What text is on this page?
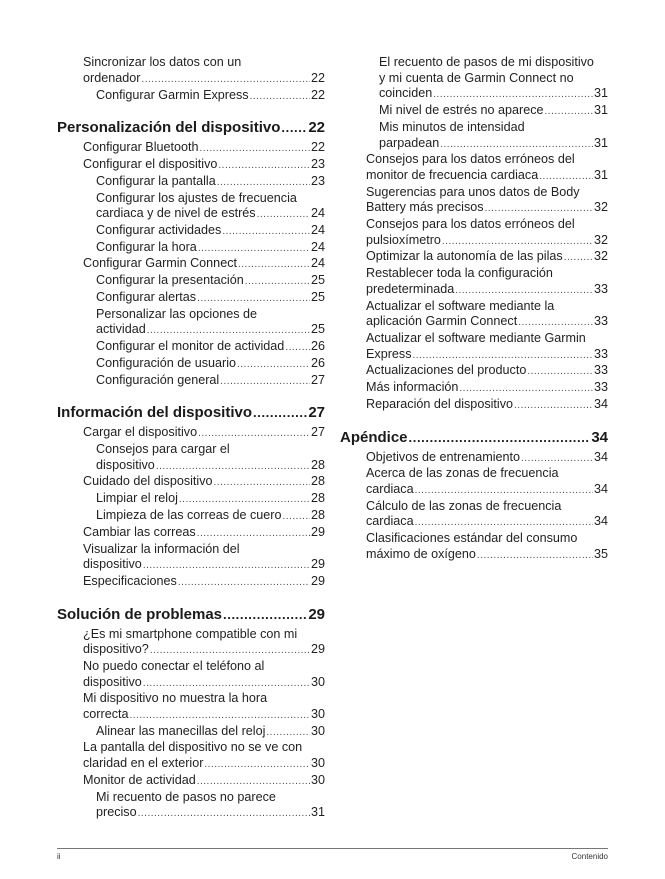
Sincronizar los datos con un
ordenador .....	22
Configurar Garmin Express .....	22
Personalización del dispositivo ..... 22
Configurar Bluetooth .....	22
Configurar el dispositivo .....	23
Configurar la pantalla .....	23
Configurar los ajustes de frecuencia
cardiaca y de nivel de estrés .....	24
Configurar actividades .....	24
Configurar la hora .....	24
Configurar Garmin Connect .....	24
Configurar la presentación .....	25
Configurar alertas .....	25
Personalizar las opciones de
actividad .....	25
Configurar el monitor de actividad ..... 26
Configuración de usuario .....	26
Configuración general .....	27
Información del dispositivo .....	27
Cargar el dispositivo .....	27
Consejos para cargar el
dispositivo .....	28
Cuidado del dispositivo .....	28
Limpiar el reloj .....	28
Limpieza de las correas de cuero ..... 28
Cambiar las correas .....	29
Visualizar la información del
dispositivo .....	29
Especificaciones .....	29
Solución de problemas .....	29
¿Es mi smartphone compatible con mi
dispositivo? .....	29
No puedo conectar el teléfono al
dispositivo .....	30
Mi dispositivo no muestra la hora
correcta .....	30
Alinear las manecillas del reloj .....	30
La pantalla del dispositivo no se ve con
claridad en el exterior .....	30
Monitor de actividad .....	30
Mi recuento de pasos no parece
preciso .....	31
El recuento de pasos de mi dispositivo
y mi cuenta de Garmin Connect no
coinciden .....	31
Mi nivel de estrés no aparece .....	31
Mis minutos de intensidad
parpadean .....	31
Consejos para los datos erróneos del
monitor de frecuencia cardiaca .....	31
Sugerencias para unos datos de Body
Battery más precisos .....	32
Consejos para los datos erróneos del
pulsioxímetro .....	32
Optimizar la autonomía de las pilas ..... 32
Restablecer toda la configuración
predeterminada .....	33
Actualizar el software mediante la
aplicación Garmin Connect .....	33
Actualizar el software mediante Garmin
Express .....	33
Actualizaciones del producto .....	33
Más información .....	33
Reparación del dispositivo .....	34
Apéndice .....	34
Objetivos de entrenamiento .....	34
Acerca de las zonas de frecuencia
cardiaca .....	34
Cálculo de las zonas de frecuencia
cardiaca .....	34
Clasificaciones estándar del consumo
máximo de oxígeno .....	35
ii	Contenido
